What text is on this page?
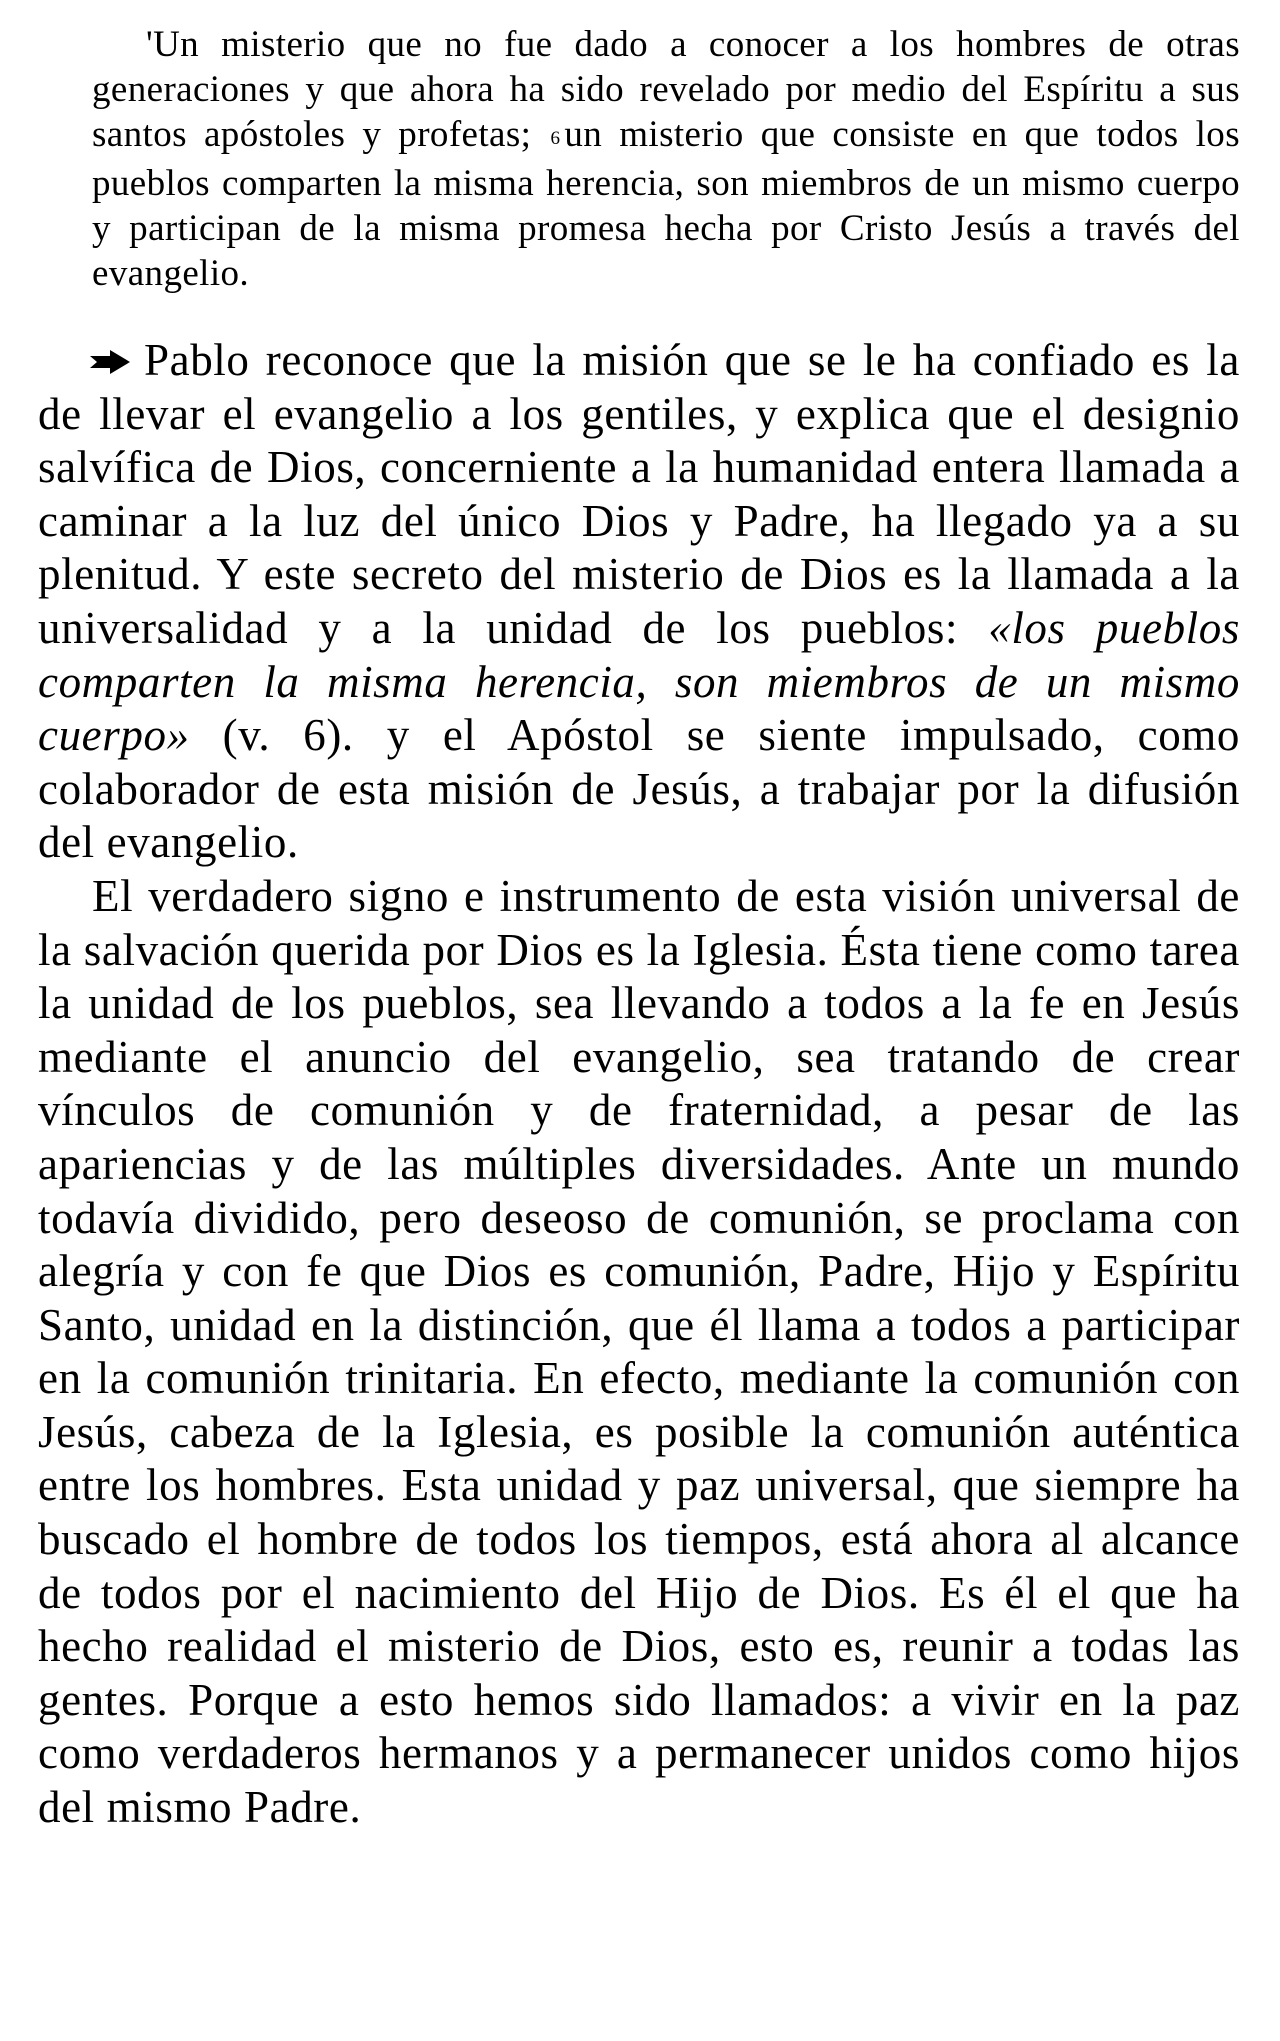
'Un misterio que no fue dado a conocer a los hombres de otras generaciones y que ahora ha sido revelado por medio del Espíritu a sus santos apóstoles y profetas; 6 un misterio que consiste en que todos los pueblos comparten la misma herencia, son miembros de un mismo cuerpo y participan de la misma promesa hecha por Cristo Jesús a través del evangelio.

Pablo reconoce que la misión que se le ha confiado es la de llevar el evangelio a los gentiles, y explica que el designio salvífica de Dios, concerniente a la humanidad entera llamada a caminar a la luz del único Dios y Padre, ha llegado ya a su plenitud. Y este secreto del misterio de Dios es la llamada a la universalidad y a la unidad de los pueblos: «los pueblos comparten la misma herencia, son miembros de un mismo cuerpo» (v. 6). y el Apóstol se siente impulsado, como colaborador de esta misión de Jesús, a trabajar por la difusión del evangelio.

El verdadero signo e instrumento de esta visión universal de la salvación querida por Dios es la Iglesia. Ésta tiene como tarea la unidad de los pueblos, sea llevando a todos a la fe en Jesús mediante el anuncio del evangelio, sea tratando de crear vínculos de comunión y de fraternidad, a pesar de las apariencias y de las múltiples diversidades. Ante un mundo todavía dividido, pero deseoso de comunión, se proclama con alegría y con fe que Dios es comunión, Padre, Hijo y Espíritu Santo, unidad en la distinción, que él llama a todos a participar en la comunión trinitaria. En efecto, mediante la comunión con Jesús, cabeza de la Iglesia, es posible la comunión auténtica entre los hombres. Esta unidad y paz universal, que siempre ha buscado el hombre de todos los tiempos, está ahora al alcance de todos por el nacimiento del Hijo de Dios. Es él el que ha hecho realidad el misterio de Dios, esto es, reunir a todas las gentes. Porque a esto hemos sido llamados: a vivir en la paz como verdaderos hermanos y a permanecer unidos como hijos del mismo Padre.
